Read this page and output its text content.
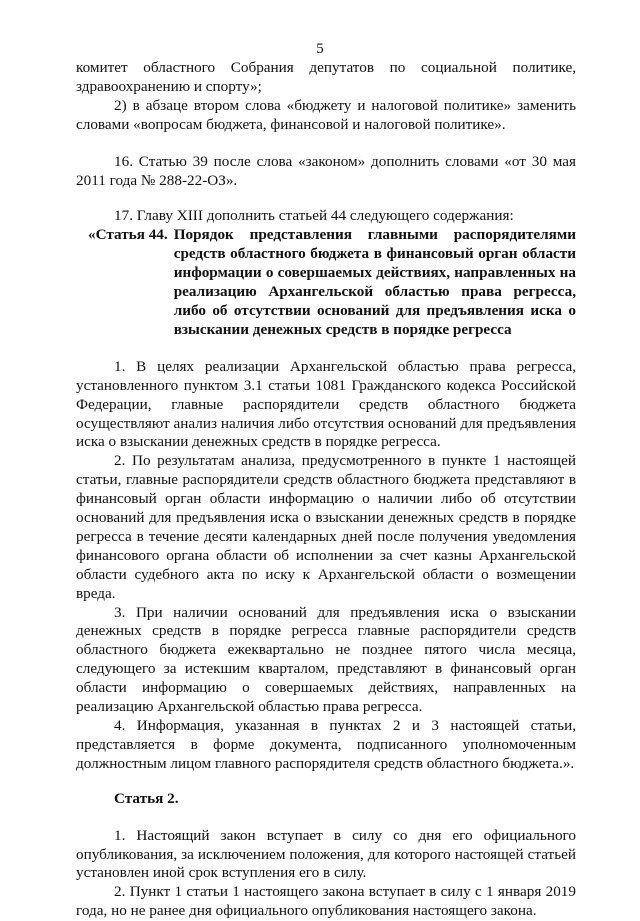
5

комитет областного Собрания депутатов по социальной политике, здравоохранению и спорту»;

2) в абзаце втором слова «бюджету и налоговой политике» заменить словами «вопросам бюджета, финансовой и налоговой политике».

16. Статью 39 после слова «законом» дополнить словами «от 30 мая 2011 года № 288-22-ОЗ».

17. Главу XIII дополнить статьей 44 следующего содержания:

«Статья 44. Порядок представления главными распорядителями средств областного бюджета в финансовый орган области информации о совершаемых действиях, направленных на реализацию Архангельской областью права регресса, либо об отсутствии оснований для предъявления иска о взыскании денежных средств в порядке регресса

1. В целях реализации Архангельской областью права регресса, установленного пунктом 3.1 статьи 1081 Гражданского кодекса Российской Федерации, главные распорядители средств областного бюджета осуществляют анализ наличия либо отсутствия оснований для предъявления иска о взыскании денежных средств в порядке регресса.

2. По результатам анализа, предусмотренного в пункте 1 настоящей статьи, главные распорядители средств областного бюджета представляют в финансовый орган области информацию о наличии либо об отсутствии оснований для предъявления иска о взыскании денежных средств в порядке регресса в течение десяти календарных дней после получения уведомления финансового органа области об исполнении за счет казны Архангельской области судебного акта по иску к Архангельской области о возмещении вреда.

3. При наличии оснований для предъявления иска о взыскании денежных средств в порядке регресса главные распорядители средств областного бюджета ежеквартально не позднее пятого числа месяца, следующего за истекшим кварталом, представляют в финансовый орган области информацию о совершаемых действиях, направленных на реализацию Архангельской областью права регресса.

4. Информация, указанная в пунктах 2 и 3 настоящей статьи, представляется в форме документа, подписанного уполномоченным должностным лицом главного распорядителя средств областного бюджета.».

Статья 2.

1. Настоящий закон вступает в силу со дня его официального опубликования, за исключением положения, для которого настоящей статьей установлен иной срок вступления его в силу.

2. Пункт 1 статьи 1 настоящего закона вступает в силу с 1 января 2019 года, но не ранее дня официального опубликования настоящего закона.
